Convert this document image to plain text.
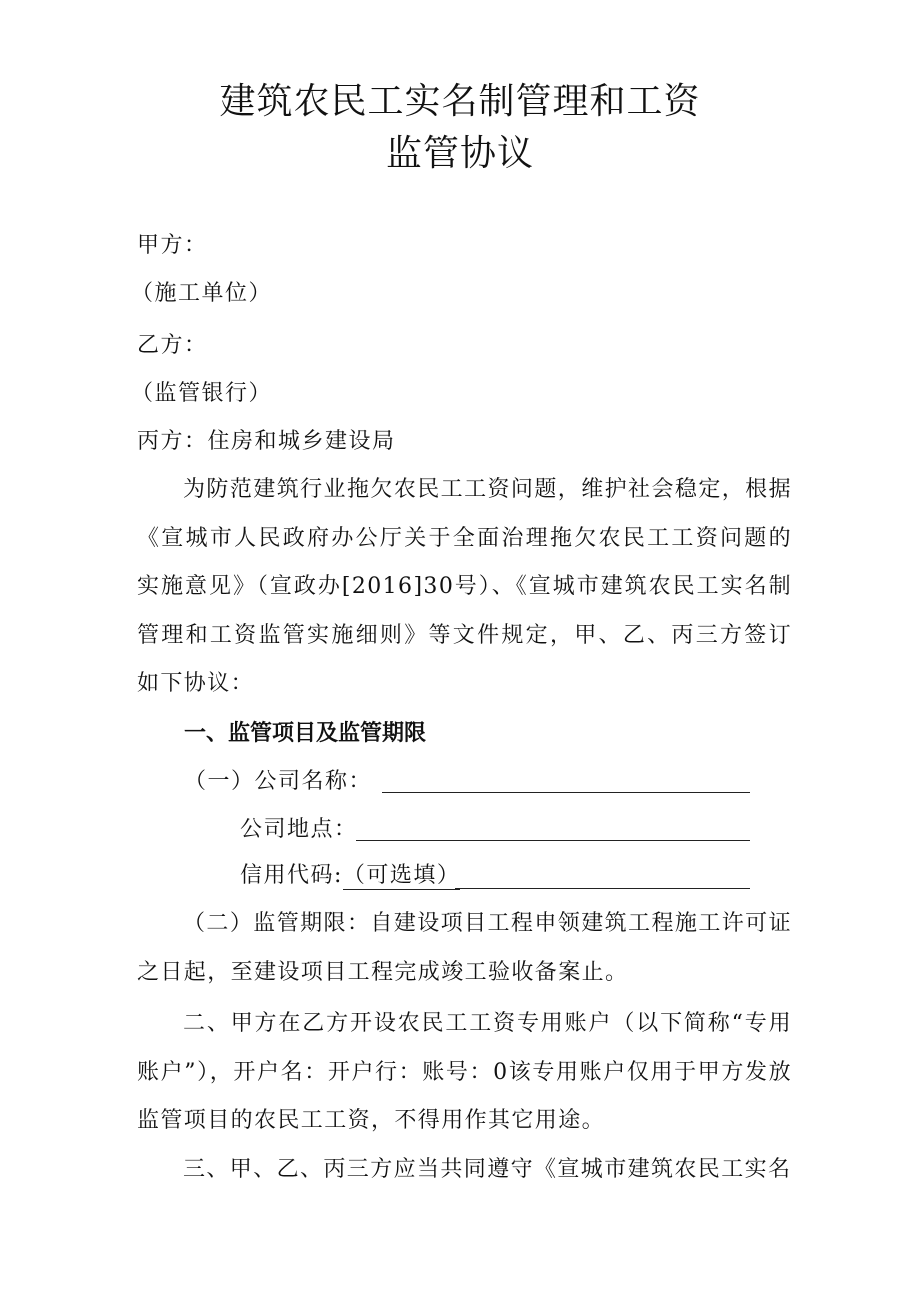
建筑农民工实名制管理和工资
监管协议
甲方：
（施工单位）
乙方：
（监管银行）
丙方：住房和城乡建设局
为防范建筑行业拖欠农民工工资问题，维护社会稳定，根据《宣城市人民政府办公厅关于全面治理拖欠农民工工资问题的实施意见》（宣政办[2016]30号）、《宣城市建筑农民工实名制管理和工资监管实施细则》等文件规定，甲、乙、丙三方签订如下协议：
一、监管项目及监管期限
（一）公司名称：
公司地点：
信用代码:（可选填）
（二）监管期限：自建设项目工程申领建筑工程施工许可证之日起，至建设项目工程完成竣工验收备案止。
二、甲方在乙方开设农民工工资专用账户（以下简称“专用账户”），开户名：开户行：账号：0该专用账户仅用于甲方发放监管项目的农民工工资，不得用作其它用途。
三、甲、乙、丙三方应当共同遵守《宣城市建筑农民工实名
